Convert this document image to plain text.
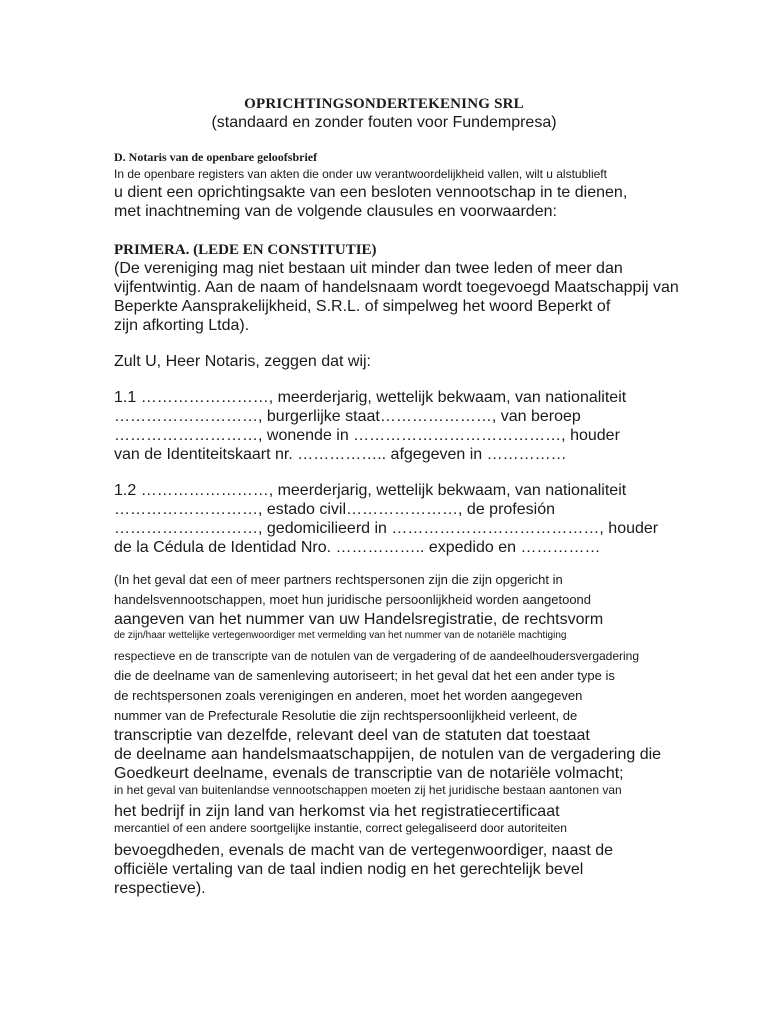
OPRICHTINGSONDERTEKENING SRL
(standaard en zonder fouten voor Fundempresa)
D. Notaris van de openbare geloofsbrief
In de openbare registers van akten die onder uw verantwoordelijkheid vallen, wilt u alstublieft
u dient een oprichtingsakte van een besloten vennootschap in te dienen,
met inachtneming van de volgende clausules en voorwaarden:
PRIMERA. (LEDE EN CONSTITUTIE)
(De vereniging mag niet bestaan uit minder dan twee leden of meer dan
vijfentwintig. Aan de naam of handelsnaam wordt toegevoegd Maatschappij van
Beperkte Aansprakelijkheid, S.R.L. of simpelweg het woord Beperkt of
zijn afkorting Ltda).
Zult U, Heer Notaris, zeggen dat wij:
1.1 ……………………, meerderjarig, wettelijk bekwaam, van nationaliteit
………………………, burgerlijke staat…………………, van beroep
………………………, wonende in …………………………………, houder
van de Identiteitskaart nr. …………….. afgegeven in ……………
1.2 ……………………, meerderjarig, wettelijk bekwaam, van nationaliteit
………………………, estado civil…………………, de profesión
………………………, gedomicilieerd in …………………………………, houder
de la Cédula de Identidad Nro. …………….. expedido en ……………
(In het geval dat een of meer partners rechtspersonen zijn die zijn opgericht in
handelsvennootschappen, moet hun juridische persoonlijkheid worden aangetoond
aangeven van het nummer van uw Handelsregistratie, de rechtsvorm
de zijn/haar wettelijke vertegenwoordiger met vermelding van het nummer van de notariële machtiging
respectieve en de transcripte van de notulen van de vergadering of de aandeelhoudersvergadering
die de deelname van de samenleving autoriseert; in het geval dat het een ander type is
de rechtspersonen zoals verenigingen en anderen, moet het worden aangegeven
nummer van de Prefecturale Resolutie die zijn rechtspersoonlijkheid verleent, de
transcriptie van dezelfde, relevant deel van de statuten dat toestaat
de deelname aan handelsmaatschappijen, de notulen van de vergadering die
Goedkeurt deelname, evenals de transcriptie van de notariële volmacht;
in het geval van buitenlandse vennootschappen moeten zij het juridische bestaan aantonen van
het bedrijf in zijn land van herkomst via het registratiecertificaat
mercantiel of een andere soortgelijke instantie, correct gelegaliseerd door autoriteiten
bevoegdheden, evenals de macht van de vertegenwoordiger, naast de
officiële vertaling van de taal indien nodig en het gerechtelijk bevel
respectieve).
